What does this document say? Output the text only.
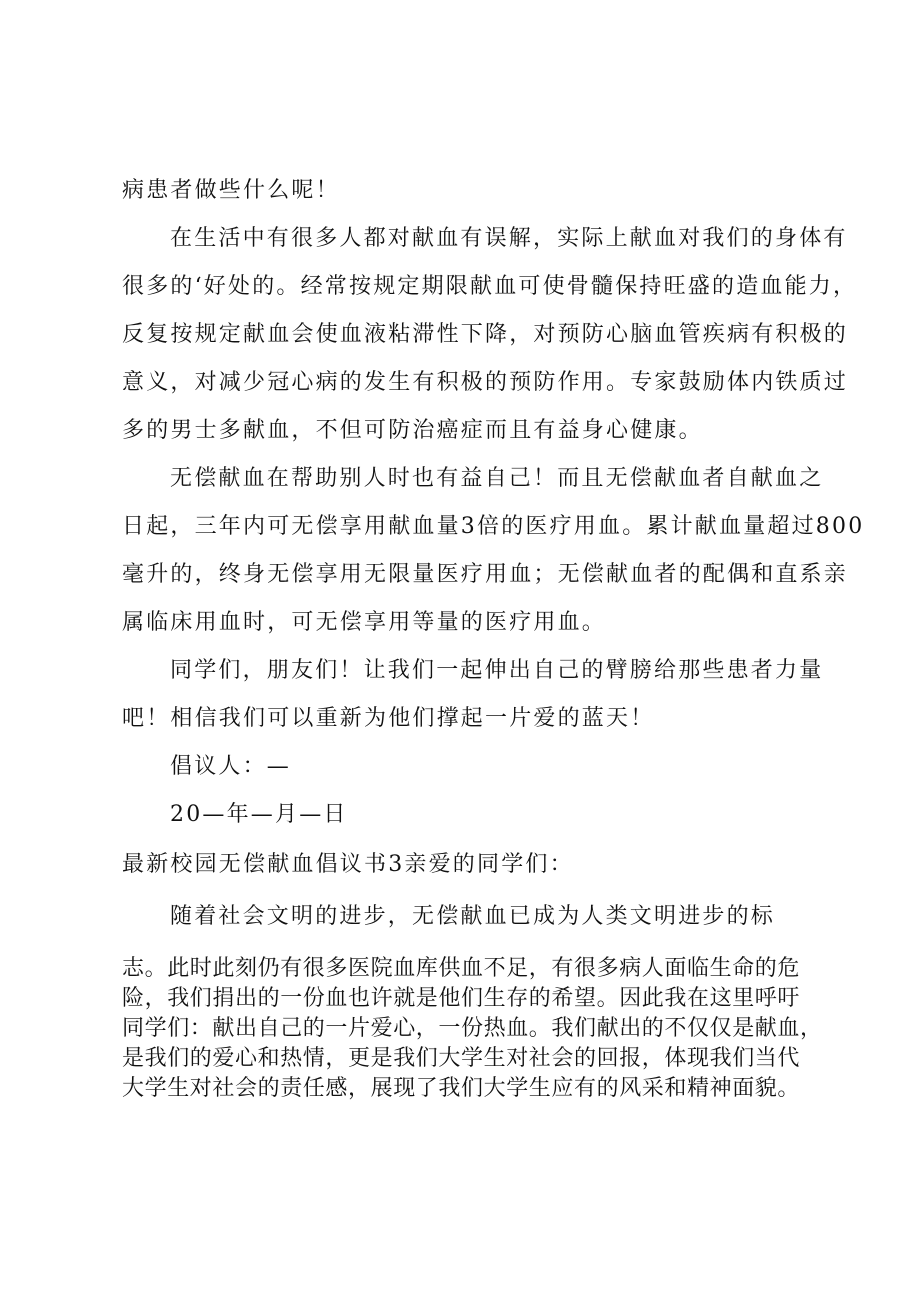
病患者做些什么呢！
在生活中有很多人都对献血有误解，实际上献血对我们的身体有
很多的‘好处的。经常按规定期限献血可使骨髓保持旺盛的造血能力，
反复按规定献血会使血液粘滞性下降，对预防心脑血管疾病有积极的
意义，对减少冠心病的发生有积极的预防作用。专家鼓励体内铁质过
多的男士多献血，不但可防治癌症而且有益身心健康。
无偿献血在帮助别人时也有益自己！而且无偿献血者自献血之
日起，三年内可无偿享用献血量3倍的医疗用血。累计献血量超过800
毫升的，终身无偿享用无限量医疗用血；无偿献血者的配偶和直系亲
属临床用血时，可无偿享用等量的医疗用血。
同学们，朋友们！让我们一起伸出自己的臂膀给那些患者力量
吧！相信我们可以重新为他们撑起一片爱的蓝天！
倡议人：—
20—年—月—日
最新校园无偿献血倡议书3亲爱的同学们：
随着社会文明的进步，无偿献血已成为人类文明进步的标
志。此时此刻仍有很多医院血库供血不足，有很多病人面临生命的危
险，我们捐出的一份血也许就是他们生存的希望。因此我在这里呼吁
同学们：献出自己的一片爱心，一份热血。我们献出的不仅仅是献血，
是我们的爱心和热情，更是我们大学生对社会的回报，体现我们当代
大学生对社会的责任感，展现了我们大学生应有的风采和精神面貌。
